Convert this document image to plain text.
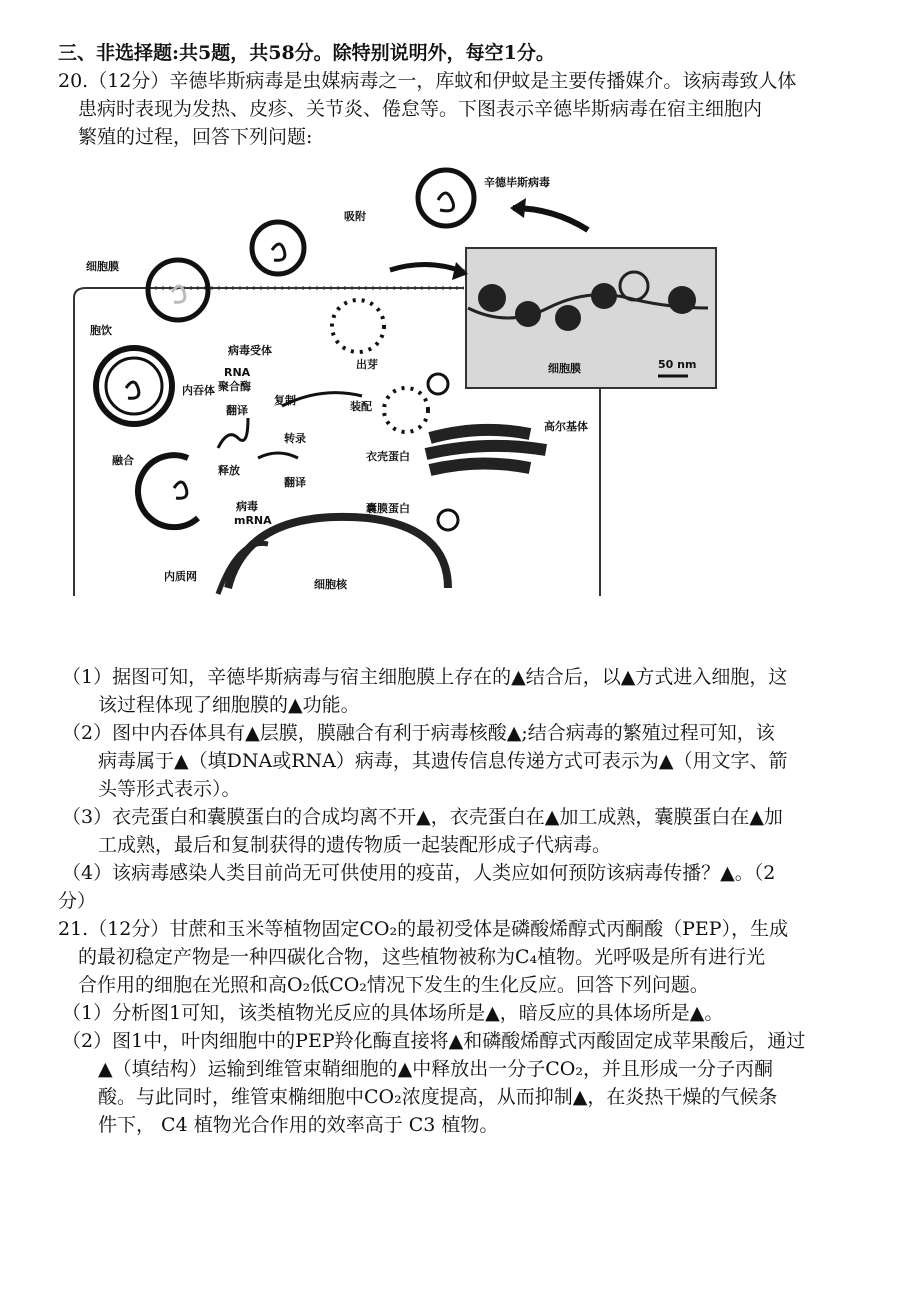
三、非选择题:共5题，共58分。除特别说明外，每空1分。
20.（12分）辛德毕斯病毒是虫媒病毒之一，库蚊和伊蚊是主要传播媒介。该病毒致人体
患病时表现为发热、皮疹、关节炎、倦怠等。下图表示辛德毕斯病毒在宿主细胞内
繁殖的过程，回答下列问题:
辛德毕斯病毒
吸附
细胞膜
胞饮
病毒受体
内吞体
融合
释放
RNA
聚合酶
翻译
复制
转录
翻译
病毒
mRNA
装配
出芽
衣壳蛋白
囊膜蛋白
高尔基体
内质网
细胞核
细胞膜	50 nm
（1）据图可知，辛德毕斯病毒与宿主细胞膜上存在的▲结合后，以▲方式进入细胞，这
该过程体现了细胞膜的▲功能。
（2）图中内吞体具有▲层膜，膜融合有利于病毒核酸▲;结合病毒的繁殖过程可知，该
病毒属于▲（填DNA或RNA）病毒，其遗传信息传递方式可表示为▲（用文字、箭
头等形式表示）。
（3）衣壳蛋白和囊膜蛋白的合成均离不开▲，衣壳蛋白在▲加工成熟，囊膜蛋白在▲加
工成熟，最后和复制获得的遗传物质一起装配形成子代病毒。
（4）该病毒感染人类目前尚无可供使用的疫苗，人类应如何预防该病毒传播？▲。（2
分）
21.（12分）甘蔗和玉米等植物固定CO₂的最初受体是磷酸烯醇式丙酮酸（PEP），生成
的最初稳定产物是一种四碳化合物，这些植物被称为C₄植物。光呼吸是所有进行光
合作用的细胞在光照和高O₂低CO₂情况下发生的生化反应。回答下列问题。
（1）分析图1可知，该类植物光反应的具体场所是▲，暗反应的具体场所是▲。
（2）图1中，叶肉细胞中的PEP羚化酶直接将▲和磷酸烯醇式丙酸固定成苹果酸后，通过
▲（填结构）运输到维管束鞘细胞的▲中释放出一分子CO₂，并且形成一分子丙酮
酸。与此同时，维管束椭细胞中CO₂浓度提高，从而抑制▲，在炎热干燥的气候条
件下， C4 植物光合作用的效率高于 C3 植物。
